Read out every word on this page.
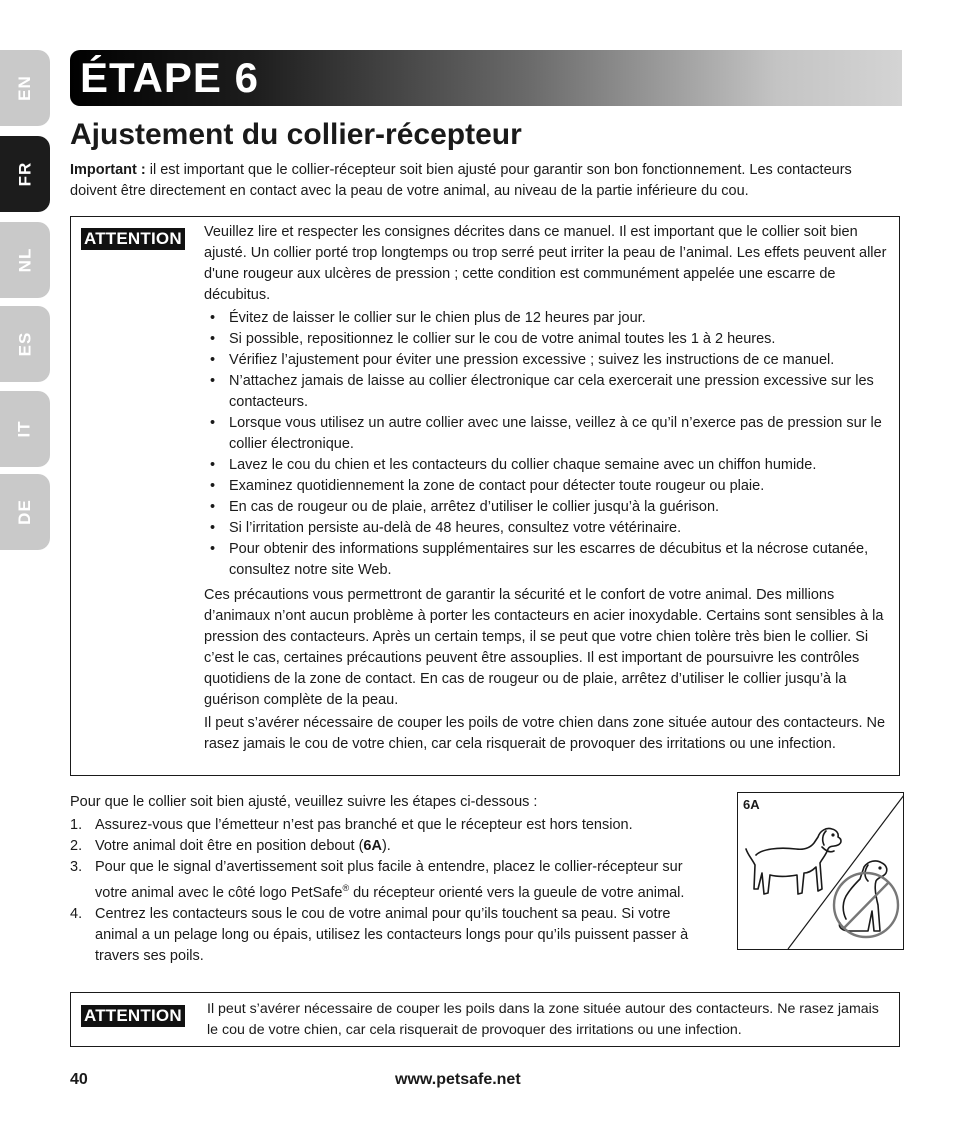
EN
FR
NL
ES
IT
DE
ÉTAPE 6
Ajustement du collier-récepteur

Important : il est important que le collier-récepteur soit bien ajusté pour garantir son bon fonctionnement. Les contacteurs doivent être directement en contact avec la peau de votre animal, au niveau de la partie inférieure du cou.

ATTENTION Veuillez lire et respecter les consignes décrites dans ce manuel. Il est important que le collier soit bien ajusté. Un collier porté trop longtemps ou trop serré peut irriter la peau de l’animal. Les effets peuvent aller d'une rougeur aux ulcères de pression ; cette condition est communément appelée une escarre de décubitus.

• Évitez de laisser le collier sur le chien plus de 12 heures par jour.
• Si possible, repositionnez le collier sur le cou de votre animal toutes les 1 à 2 heures.
• Vérifiez l’ajustement pour éviter une pression excessive ; suivez les instructions de ce manuel.
• N’attachez jamais de laisse au collier électronique car cela exercerait une pression excessive sur les contacteurs.
• Lorsque vous utilisez un autre collier avec une laisse, veillez à ce qu’il n’exerce pas de pression sur le collier électronique.
• Lavez le cou du chien et les contacteurs du collier chaque semaine avec un chiffon humide.
• Examinez quotidiennement la zone de contact pour détecter toute rougeur ou plaie.
• En cas de rougeur ou de plaie, arrêtez d’utiliser le collier jusqu’à la guérison.
• Si l’irritation persiste au-delà de 48 heures, consultez votre vétérinaire.
• Pour obtenir des informations supplémentaires sur les escarres de décubitus et la nécrose cutanée, consultez notre site Web.

Ces précautions vous permettront de garantir la sécurité et le confort de votre animal. Des millions d’animaux n’ont aucun problème à porter les contacteurs en acier inoxydable. Certains sont sensibles à la pression des contacteurs. Après un certain temps, il se peut que votre chien tolère très bien le collier. Si c’est le cas, certaines précautions peuvent être assouplies. Il est important de poursuivre les contrôles quotidiens de la zone de contact. En cas de rougeur ou de plaie, arrêtez d’utiliser le collier jusqu’à la guérison complète de la peau.

Il peut s’avérer nécessaire de couper les poils de votre chien dans zone située autour des contacteurs. Ne rasez jamais le cou de votre chien, car cela risquerait de provoquer des irritations ou une infection.

Pour que le collier soit bien ajusté, veuillez suivre les étapes ci-dessous :

1. Assurez-vous que l’émetteur n’est pas branché et que le récepteur est hors tension.
2. Votre animal doit être en position debout (6A).
3. Pour que le signal d’avertissement soit plus facile à entendre, placez le collier-récepteur sur votre animal avec le côté logo PetSafe® du récepteur orienté vers la gueule de votre animal.
4. Centrez les contacteurs sous le cou de votre animal pour qu’ils touchent sa peau. Si votre animal a un pelage long ou épais, utilisez les contacteurs longs pour qu’ils puissent passer à travers ses poils.
6A
ATTENTION Il peut s’avérer nécessaire de couper les poils dans la zone située autour des contacteurs. Ne rasez jamais le cou de votre chien, car cela risquerait de provoquer des irritations ou une infection.

40	www.petsafe.net
